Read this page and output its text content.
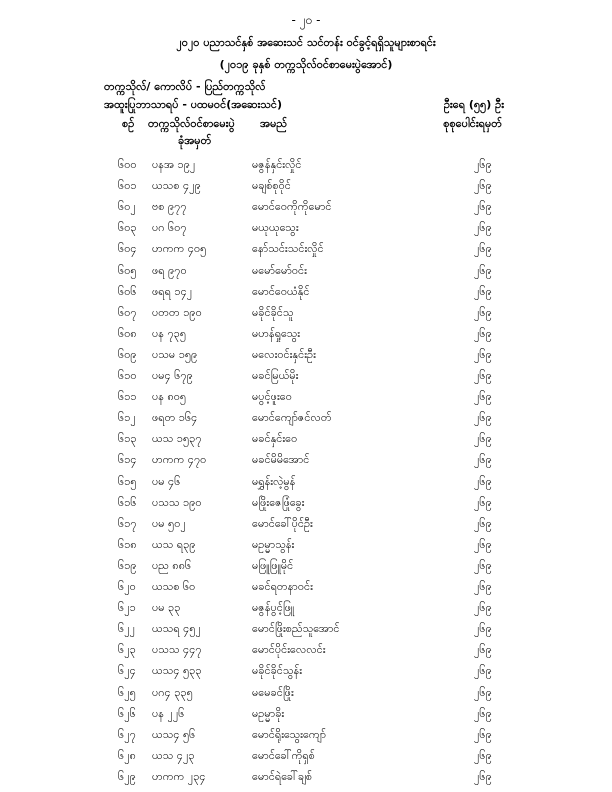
- ၂၀ -
၂၀၂၀ ပညာသင်နှစ် အဆေးသင် သင်တန်း ဝင်ခွင့်ရရှိသူများစာရင်း
(၂၀၁၉ ခုနှစ် တက္ကသိုလ်ဝင်စာမေးပွဲအောင်)
တက္ကသိုလ်/ ကောလိပ် - ပြည်တက္ကသိုလ်
အထူးပြုဘာသာရပ် - ပထမဝင်(အဆေးသင်)	ဦးရေ (၅၅) ဦး
စဉ် တက္ကသိုလ်ဝင်စာမေးပွဲ
ခုံအမှတ်
အမည်	စုစုပေါင်းရမှတ်
၆၀၀ ပနအ ၁၉၂	မဇွန်နှင်းလှိုင်	၂၆၉
၆၀၁ ယသစ ၄၂၉	မချစ်စုဝိုင်	၂၆၉
၆၀၂ ဗစ ၉၇၇	မောင်ဝေကိုကိုမောင်	၂၆၉
၆၀၃ ပဂ ၆၀၇	မယုယုသွေး	၂၆၉
၆၀၄ ဟကက ၄၀၅	နော်သင်းသင်းလှိုင်	၂၆၉
၆၀၅ ဖရ ၉၇၀	မမော်မော်ဝင်း	၂၆၉
၆၀၆ ဖရရ ၁၄၂	မောင်ဝေယံနိုင်	၂၆၉
၆၀၇ ပတတ ၁၉၀	မခိုင်ခိုင်သူ	၂၆၉
၆၀၈ ပန ၇၃၅	မဟန်ရှုသွေး	၂၆၉
၆၀၉ ပသမ ၁၅၉	မလေးဝင်းနှင်းဦး	၂၆၉
၆၁၀ ပမ၄ ၆၇၉	မခင်မြယ်မိုး	၂၆၉
၆၁၁ ပန ၈၀၅	မပွင့်ဖူးဝေ	၂၆၉
၆၁၂ ဖရတ ၁၆၄	မောင်ကျော်ဇင်လတ်	၂၆၉
၆၁၃ ယသ ၁၅၃၇	မခင်နှင်းဝေ	၂၆၉
၆၁၄ ဟကက ၄၇၀	မခင်မိမိအောင်	၂၆၉
၆၁၅ ပမ ၄၆	မရွှန်းလဲ့မွန်	၂၆၉
၆၁၆ ပသသ ၁၉၀	မဖြိုးဇေဖြုံခွေး	၂၆၉
၆၁၇ ပမ ၅၀၂	မောင်ခေါ်ပိုင်ဦး	၂၆၉
၆၁၈ ယသ ရ၃၉	မဥမ္မာသွန်း	၂၆၉
၆၁၉ ပည ၈၈၆	မဖြူဖြူမိုင်	၂၆၉
၆၂၀ ယသစ ၆၀	မခင်ရတနာဝင်း	၂၆၉
၆၂၁ ပမ ၃၃	မဇွန်ပွင့်ဖြူ	၂၆၉
၆၂၂ ယသရ ၄၅၂	မောင်ဖြိုးစည်သူအောင်	၂၆၉
၆၂၃ ပသသ ၄၄၇	မောင်ပိုင်းလေလင်း	၂၆၉
၆၂၄ ယသ၄ ၅၃၃	မခိုင်ခိုင်သွန်း	၂၆၉
၆၂၅ ပဂ၄ ၃၃၅	မမေခင်ဖြိုး	၂၆၉
၆၂၆ ပန ၂၂၆	မဥမ္မာခိုး	၂၆၉
၆၂၇ ယသ၄ ၅၆	မောင်ရိုးသွေးကျော်	၂၆၉
၆၂၈ ယသ ၄၂၃	မောင်ခေါ်ကိုရှစ်	၂၆၉
၆၂၉ ဟကက ၂၃၄	မောင်ရဲခေါ်ချစ်	၂၆၉
